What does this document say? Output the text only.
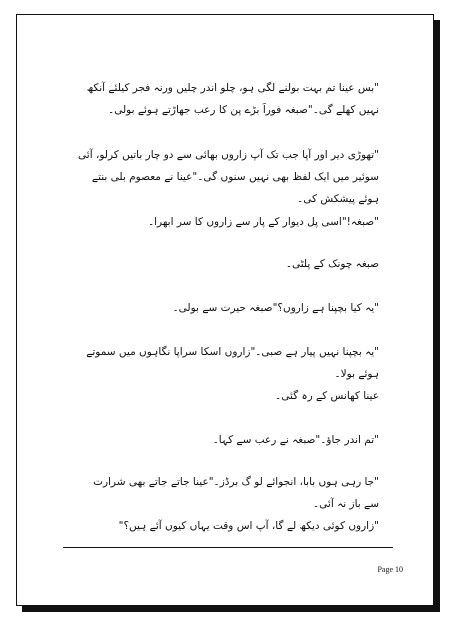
"بس عینا تم بہت بولنے لگی ہو، چلو اندر چلیں ورنہ فجر کیلئے آنکھ نہیں کھلے گی۔"صبغہ فوراََ بڑے پن کا رعب جھاڑتے ہوئے بولی۔

"تھوڑی دیر اور آپا جب تک آپ زاروں بھائی سے دو چار باتیں کرلو، آئی سوئیر میں ایک لفظ بھی نہیں سنوں گی۔"عینا نے معصوم بلی بنتے ہوئے پیشکش کی۔

"صبغہ!"اسی پل دیوار کے پار سے زاروں کا سر ابھرا۔

صبغہ چونک کے پلٹی۔

"یہ کیا بچپنا ہے زاروں؟"صبغہ حیرت سے بولی۔

"یہ بچپنا نہیں پیار ہے صبی۔"زاروں اسکا سراپا نگاہوں میں سموتے ہوئے بولا۔

عینا کھانس کے رہ گئی۔

"تم اندر جاؤ۔"صبغہ نے رعب سے کہا۔

"جا رہی ہوں بابا، انجوائے لو گ برڈز۔"عینا جاتے جاتے بھی شرارت سے باز نہ آئی۔

"زاروں کوئی دیکھ لے گا، آپ اس وقت یہاں کیوں آئے ہیں؟"

Page 10
